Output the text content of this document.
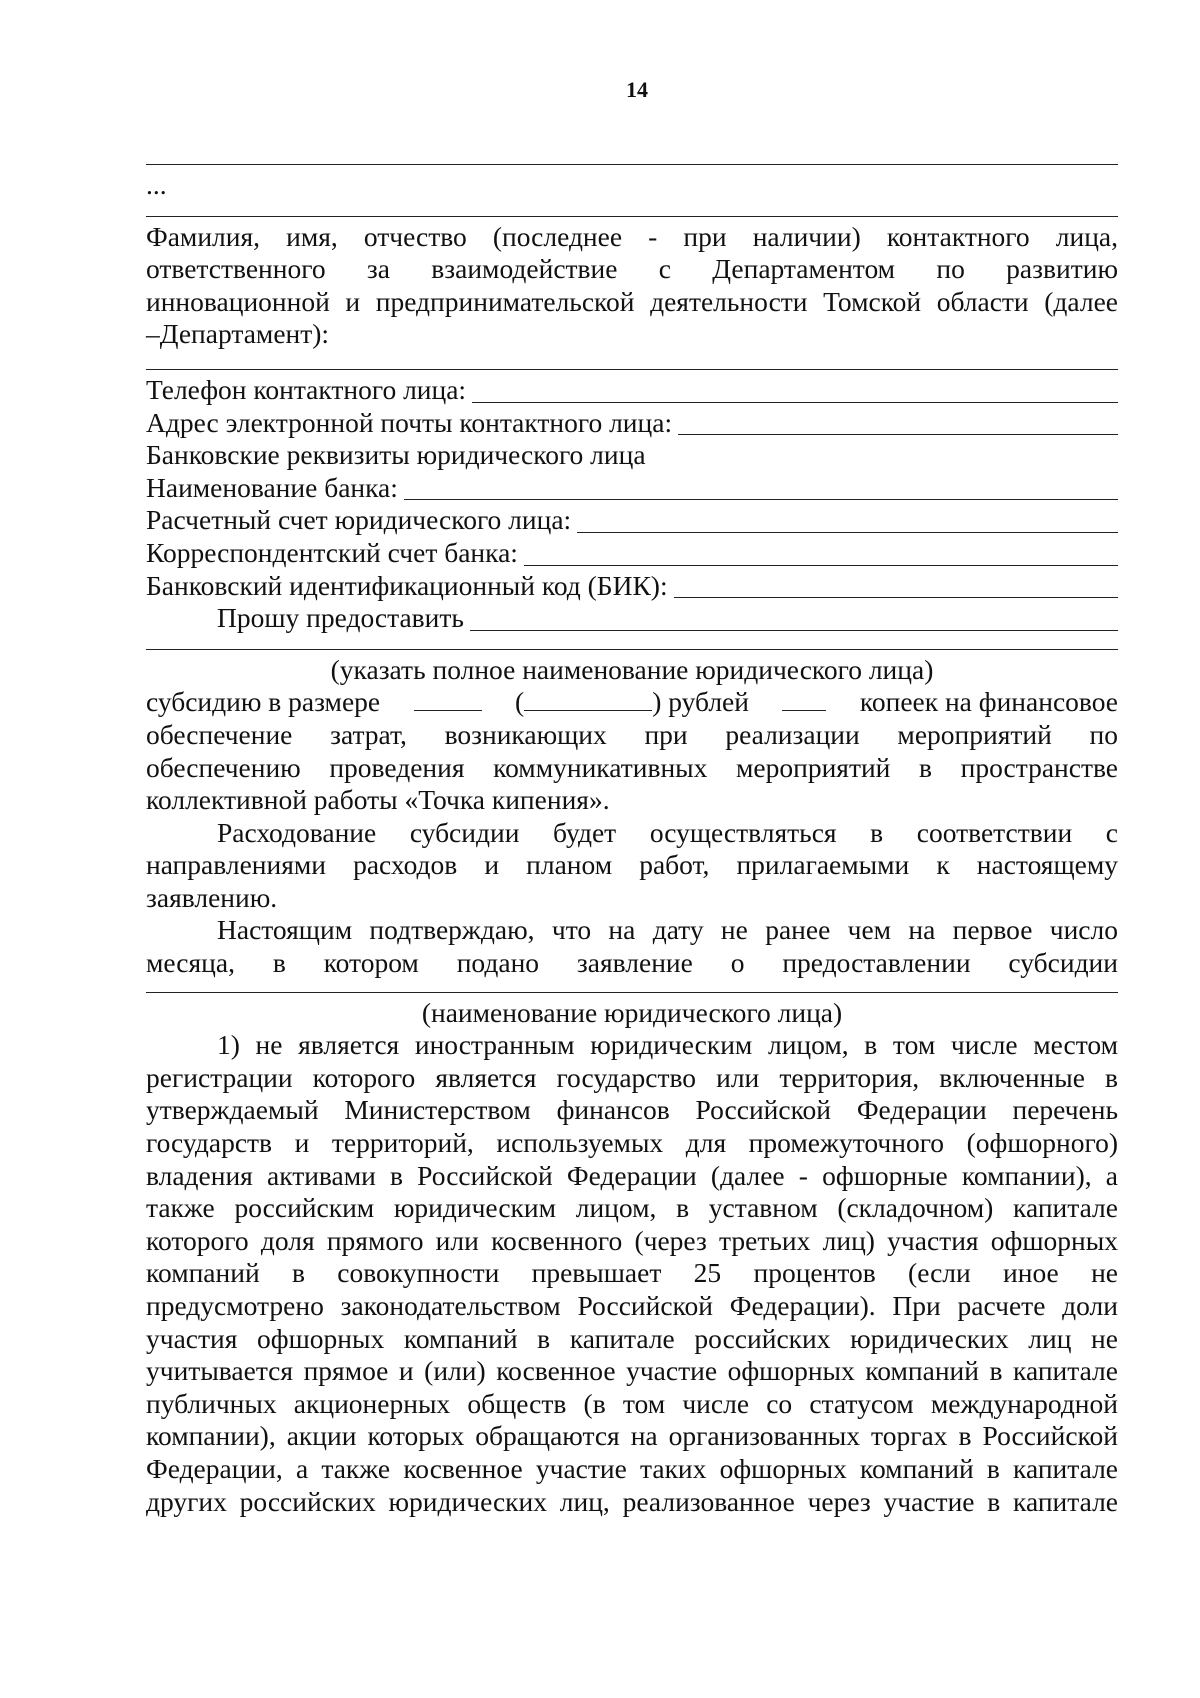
14
...
Фамилия, имя, отчество (последнее - при наличии) контактного лица,
ответственного за взаимодействие с Департаментом по развитию
инновационной и предпринимательской деятельности Томской области (далее
–Департамент):
Телефон контактного лица:
Адрес электронной почты контактного лица:
Банковские реквизиты юридического лица
Наименование банка:
Расчетный счет юридического лица:
Корреспондентский счет банка:
Банковский идентификационный код (БИК):
Прошу предоставить
(указать полное наименование юридического лица)
субсидию в размере	(	) рублей	копеек на финансовое
обеспечение затрат, возникающих при реализации мероприятий по
обеспечению проведения коммуникативных мероприятий в пространстве
коллективной работы «Точка кипения».
Расходование субсидии будет осуществляться в соответствии с
направлениями расходов и планом работ, прилагаемыми к настоящему
заявлению.
Настоящим подтверждаю, что на дату не ранее чем на первое число
месяца, в котором подано заявление о предоставлении субсидии
(наименование юридического лица)
1) не является иностранным юридическим лицом, в том числе местом
регистрации которого является государство или территория, включенные в
утверждаемый Министерством финансов Российской Федерации перечень
государств и территорий, используемых для промежуточного (офшорного)
владения активами в Российской Федерации (далее - офшорные компании), а
также российским юридическим лицом, в уставном (складочном) капитале
которого доля прямого или косвенного (через третьих лиц) участия офшорных
компаний в совокупности превышает 25 процентов (если иное не
предусмотрено законодательством Российской Федерации). При расчете доли
участия офшорных компаний в капитале российских юридических лиц не
учитывается прямое и (или) косвенное участие офшорных компаний в капитале
публичных акционерных обществ (в том числе со статусом международной
компании), акции которых обращаются на организованных торгах в Российской
Федерации, а также косвенное участие таких офшорных компаний в капитале
других российских юридических лиц, реализованное через участие в капитале
